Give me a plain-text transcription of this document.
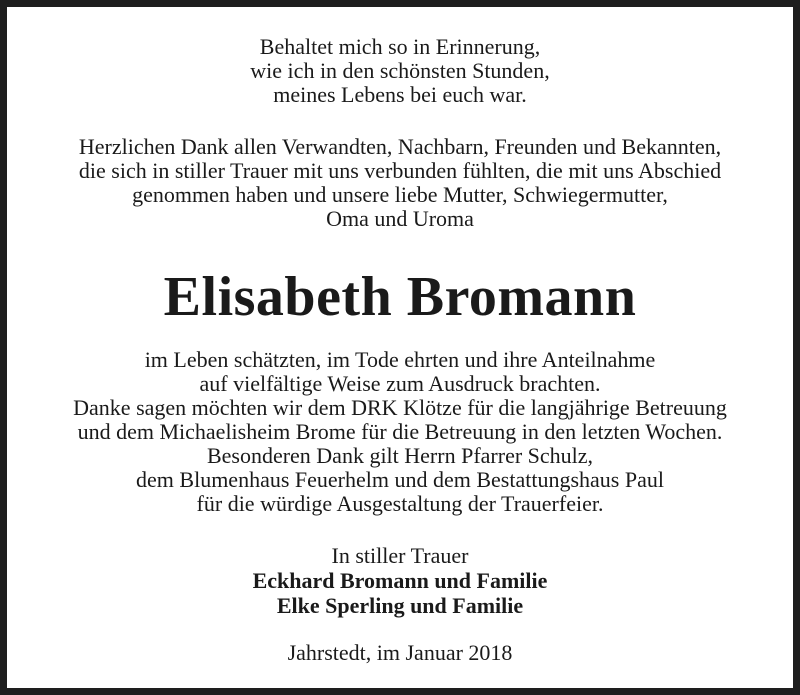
Behaltet mich so in Erinnerung,
wie ich in den schönsten Stunden,
meines Lebens bei euch war.
Herzlichen Dank allen Verwandten, Nachbarn, Freunden und Bekannten,
die sich in stiller Trauer mit uns verbunden fühlten, die mit uns Abschied
genommen haben und unsere liebe Mutter, Schwiegermutter,
Oma und Uroma
Elisabeth Bromann
im Leben schätzten, im Tode ehrten und ihre Anteilnahme
auf vielfältige Weise zum Ausdruck brachten.
Danke sagen möchten wir dem DRK Klötze für die langjährige Betreuung
und dem Michaelisheim Brome für die Betreuung in den letzten Wochen.
Besonderen Dank gilt Herrn Pfarrer Schulz,
dem Blumenhaus Feuerhelm und dem Bestattungshaus Paul
für die würdige Ausgestaltung der Trauerfeier.
In stiller Trauer
Eckhard Bromann und Familie
Elke Sperling und Familie
Jahrstedt, im Januar 2018
